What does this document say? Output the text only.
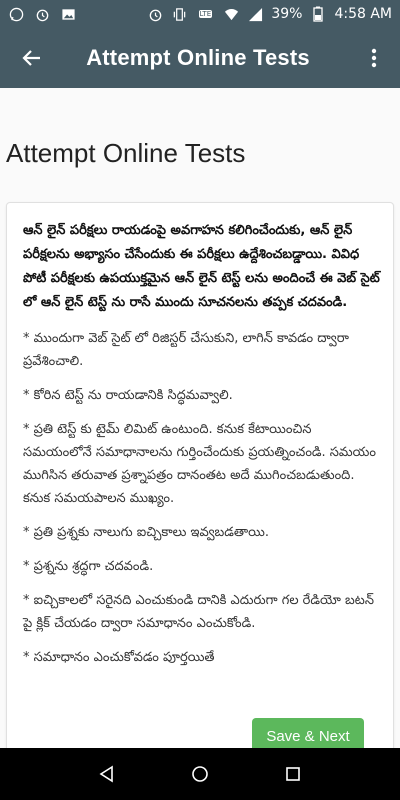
LTE	39% 4:58 AM
Attempt Online Tests
Attempt Online Tests

ఆన్ లైన్ పరీక్షలు రాయడంపై అవగాహన కలిగించేందుకు, ఆన్ లైన్ పరీక్షలను అభ్యాసం చేసేందుకు ఈ పరీక్షలు ఉద్దేశించబడ్డాయి. వివిధ పోటీ పరీక్షలకు ఉపయుక్తమైన ఆన్ లైన్ టెస్ట్ లను అందించే ఈ వెబ్ సైట్ లో ఆన్ లైన్ టెస్ట్ ను రాసే ముందు సూచనలను తప్పక చదవండి.

* ముందుగా వెబ్ సైట్ లో రిజిస్టర్ చేసుకుని, లాగిన్ కావడం ద్వారా ప్రవేశించాలి.

* కోరిన టెస్ట్ ను రాయడానికి సిద్ధమవ్వాలి.

* ప్రతి టెస్ట్ కు టైమ్ లిమిట్ ఉంటుంది. కనుక కేటాయించిన సమయంలోనే సమాధానాలను గుర్తించేందుకు ప్రయత్నించండి. సమయం ముగిసిన తరువాత ప్రశ్నాపత్రం దానంతట అదే ముగించబడుతుంది. కనుక సమయపాలన ముఖ్యం.

* ప్రతి ప్రశ్నకు నాలుగు ఐచ్చికాలు ఇవ్వబడతాయి.

* ప్రశ్నను శ్రద్ధగా చదవండి.

* ఐచ్చికాలలో సరైనది ఎంచుకుండి దానికి ఎదురుగా గల రేడియో బటన్ పై క్లిక్ చేయడం ద్వారా సమాధానం ఎంచుకోండి.

* సమాధానం ఎంచుకోవడం పూర్తయితే

Save & Next
